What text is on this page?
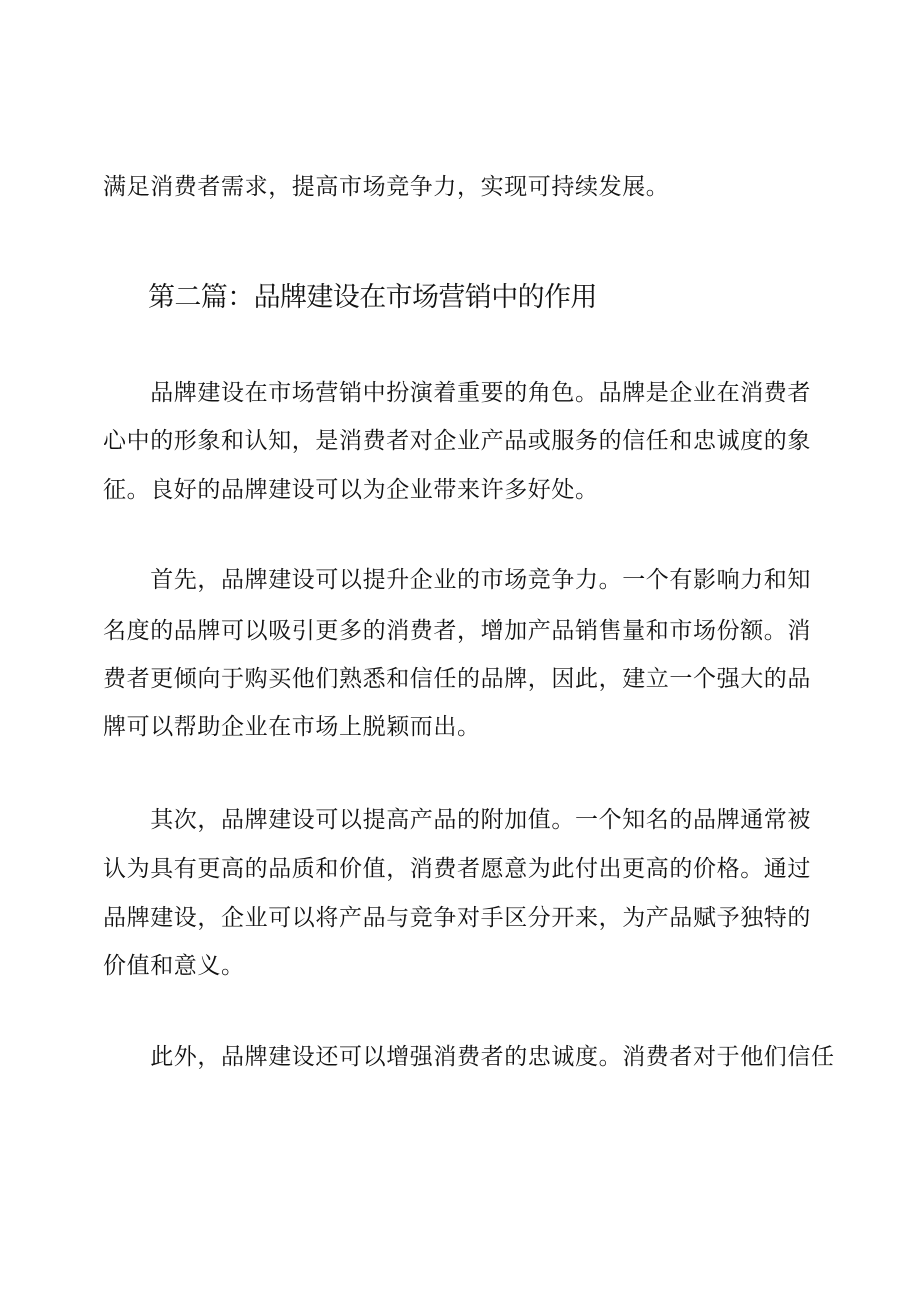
满足消费者需求，提高市场竞争力，实现可持续发展。
第二篇：品牌建设在市场营销中的作用
　　品牌建设在市场营销中扮演着重要的角色。品牌是企业在消费者
心中的形象和认知，是消费者对企业产品或服务的信任和忠诚度的象
征。良好的品牌建设可以为企业带来许多好处。
　　首先，品牌建设可以提升企业的市场竞争力。一个有影响力和知
名度的品牌可以吸引更多的消费者，增加产品销售量和市场份额。消
费者更倾向于购买他们熟悉和信任的品牌，因此，建立一个强大的品
牌可以帮助企业在市场上脱颖而出。
　　其次，品牌建设可以提高产品的附加值。一个知名的品牌通常被
认为具有更高的品质和价值，消费者愿意为此付出更高的价格。通过
品牌建设，企业可以将产品与竞争对手区分开来，为产品赋予独特的
价值和意义。
　　此外，品牌建设还可以增强消费者的忠诚度。消费者对于他们信任
